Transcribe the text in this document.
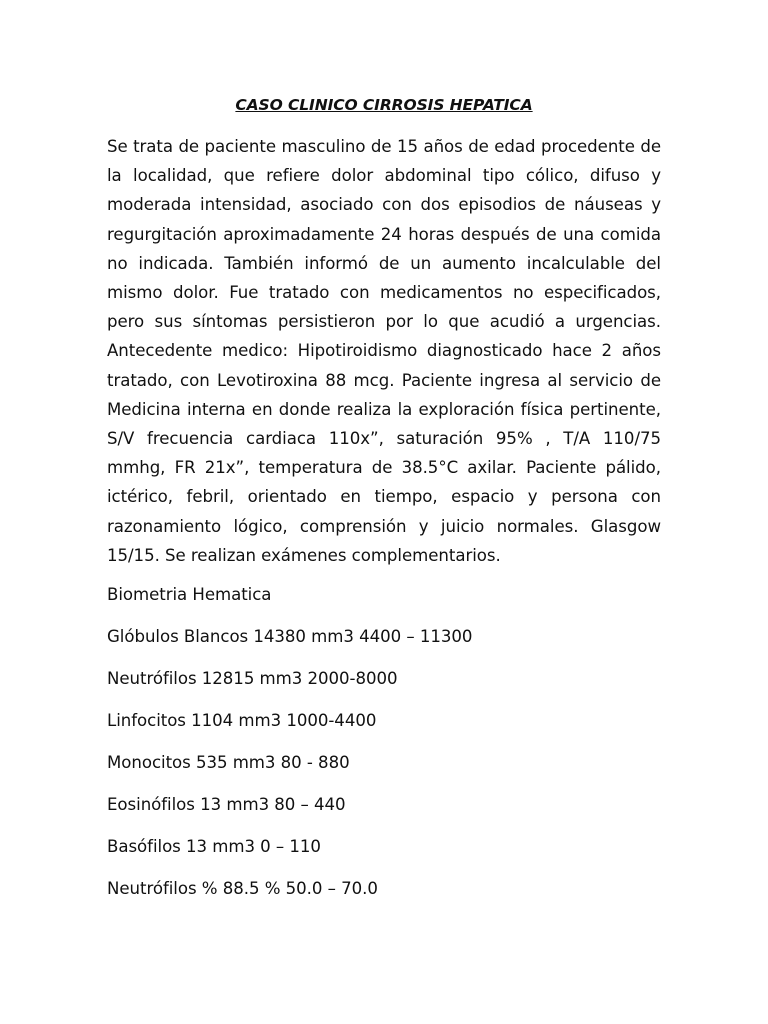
CASO CLINICO CIRROSIS HEPATICA

Se trata de paciente masculino de 15 años de edad procedente de la localidad, que refiere dolor abdominal tipo cólico, difuso y moderada intensidad, asociado con dos episodios de náuseas y regurgitación aproximadamente 24 horas después de una comida no indicada. También informó de un aumento incalculable del mismo dolor. Fue tratado con medicamentos no especificados, pero sus síntomas persistieron por lo que acudió a urgencias. Antecedente medico: Hipotiroidismo diagnosticado hace 2 años tratado, con Levotiroxina 88 mcg. Paciente ingresa al servicio de Medicina interna en donde realiza la exploración física pertinente, S/V frecuencia cardiaca 110x”, saturación 95% , T/A 110/75 mmhg, FR 21x”, temperatura de 38.5°C axilar. Paciente pálido, ictérico, febril, orientado en tiempo, espacio y persona con razonamiento lógico, comprensión y juicio normales. Glasgow 15/15. Se realizan exámenes complementarios.

Biometria Hematica
Glóbulos Blancos 14380 mm3 4400 – 11300
Neutrófilos 12815 mm3 2000-8000
Linfocitos 1104 mm3 1000-4400
Monocitos 535 mm3 80 - 880
Eosinófilos 13 mm3 80 – 440
Basófilos 13 mm3 0 – 110
Neutrófilos % 88.5 % 50.0 – 70.0
